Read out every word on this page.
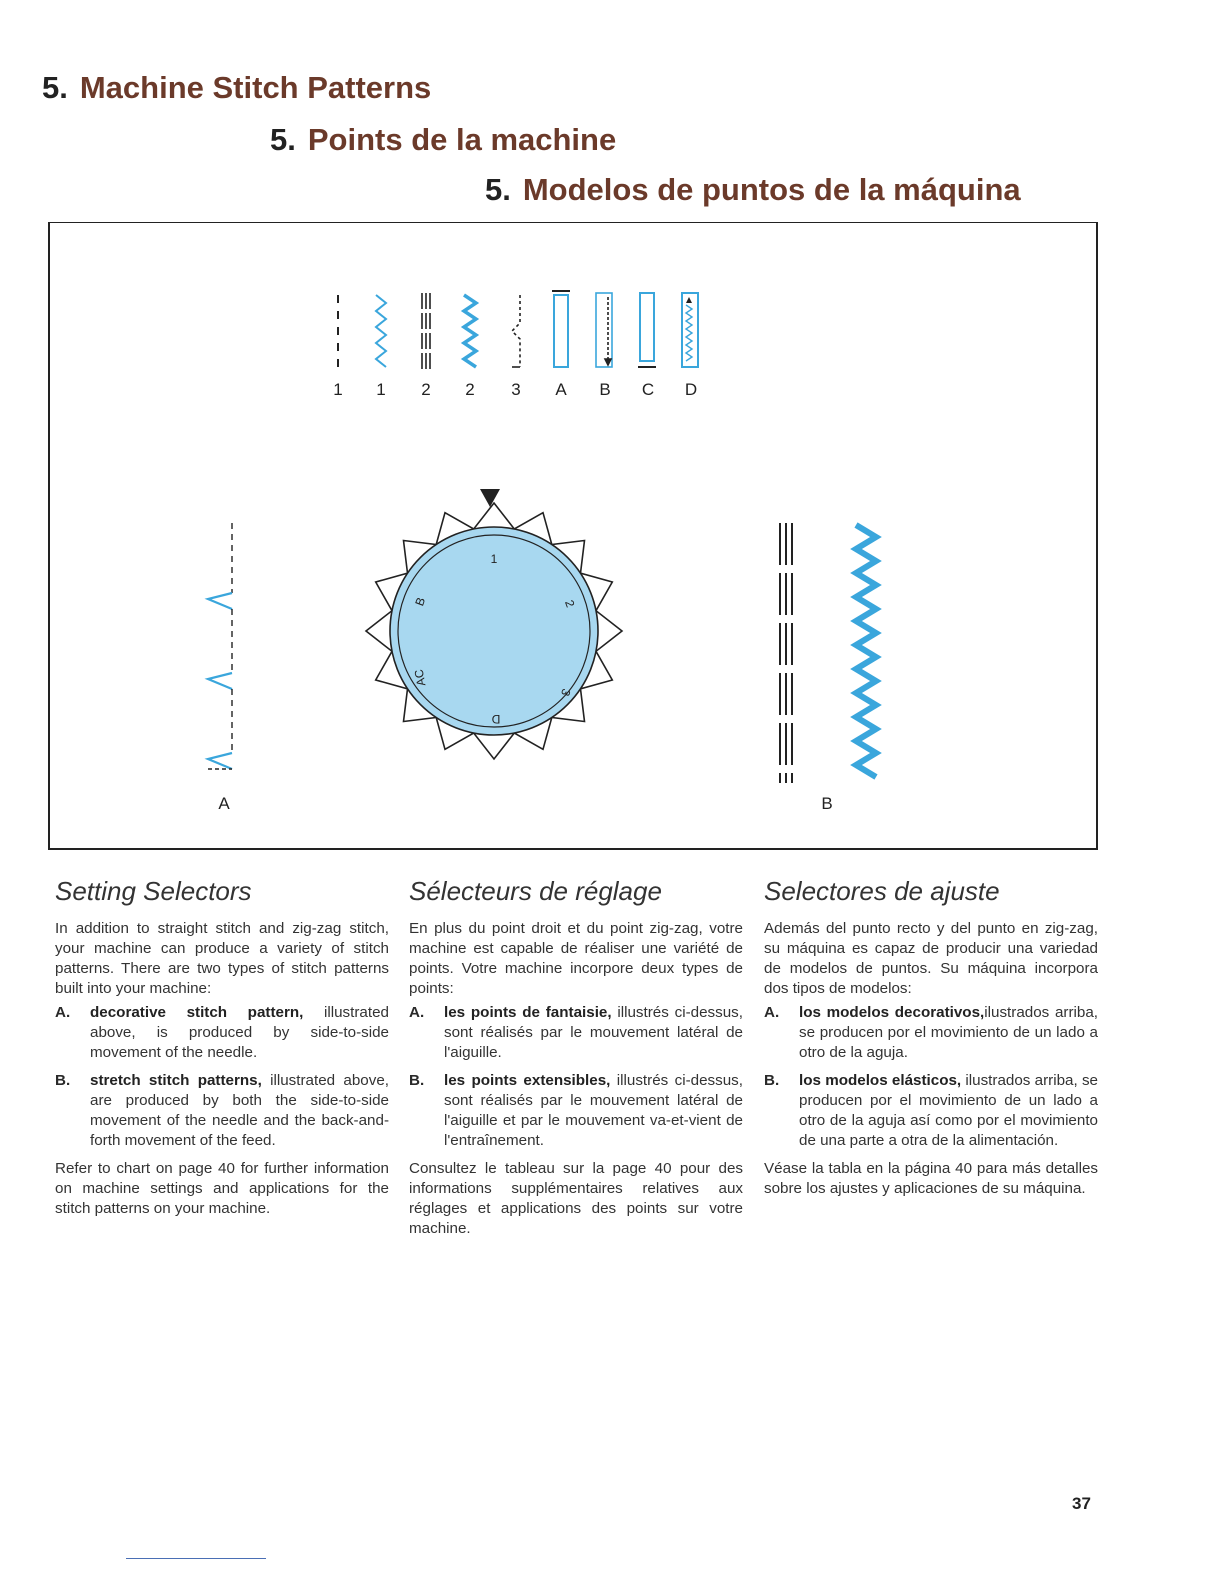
5. Machine Stitch Patterns
5. Points de la machine
5. Modelos de puntos de la máquina
1 1 2 2 3 A B C D
1
2
3
D
B
AC
A	B
Setting Selectors

In addition to straight stitch and zig-zag stitch, your machine can produce a variety of stitch patterns. There are two types of stitch patterns built into your machine:

A.	decorative stitch pattern, illustrated above, is produced by side-to-side movement of the needle.
B.	stretch stitch patterns, illustrated above, are produced by both the side-to-side movement of the needle and the back-and-forth movement of the feed.

Refer to chart on page 40 for further information on machine settings and applications for the stitch patterns on your machine.

Sélecteurs de réglage

En plus du point droit et du point zig-zag, votre machine est capable de réaliser une variété de points. Votre machine incorpore deux types de points:

A.	les points de fantaisie, illustrés ci-dessus, sont réalisés par le mouvement latéral de l'aiguille.
B.	les points extensibles, illustrés ci-dessus, sont réalisés par le mouvement latéral de l'aiguille et par le mouvement va-et-vient de l'entraînement.

Consultez le tableau sur la page 40 pour des informations supplémentaires relatives aux réglages et applications des points sur votre machine.

Selectores de ajuste

Además del punto recto y del punto en zig-zag, su máquina es capaz de producir una variedad de modelos de puntos. Su máquina incorpora dos tipos de modelos:

A.	los modelos decorativos,ilustrados arriba, se producen por el movimiento de un lado a otro de la aguja.
B.	los modelos elásticos, ilustrados arriba, se producen por el movimiento de un lado a otro de la aguja así como por el movimiento de una parte a otra de la alimentación.

Véase la tabla en la página 40 para más detalles sobre los ajustes y aplicaciones de su máquina.

37
